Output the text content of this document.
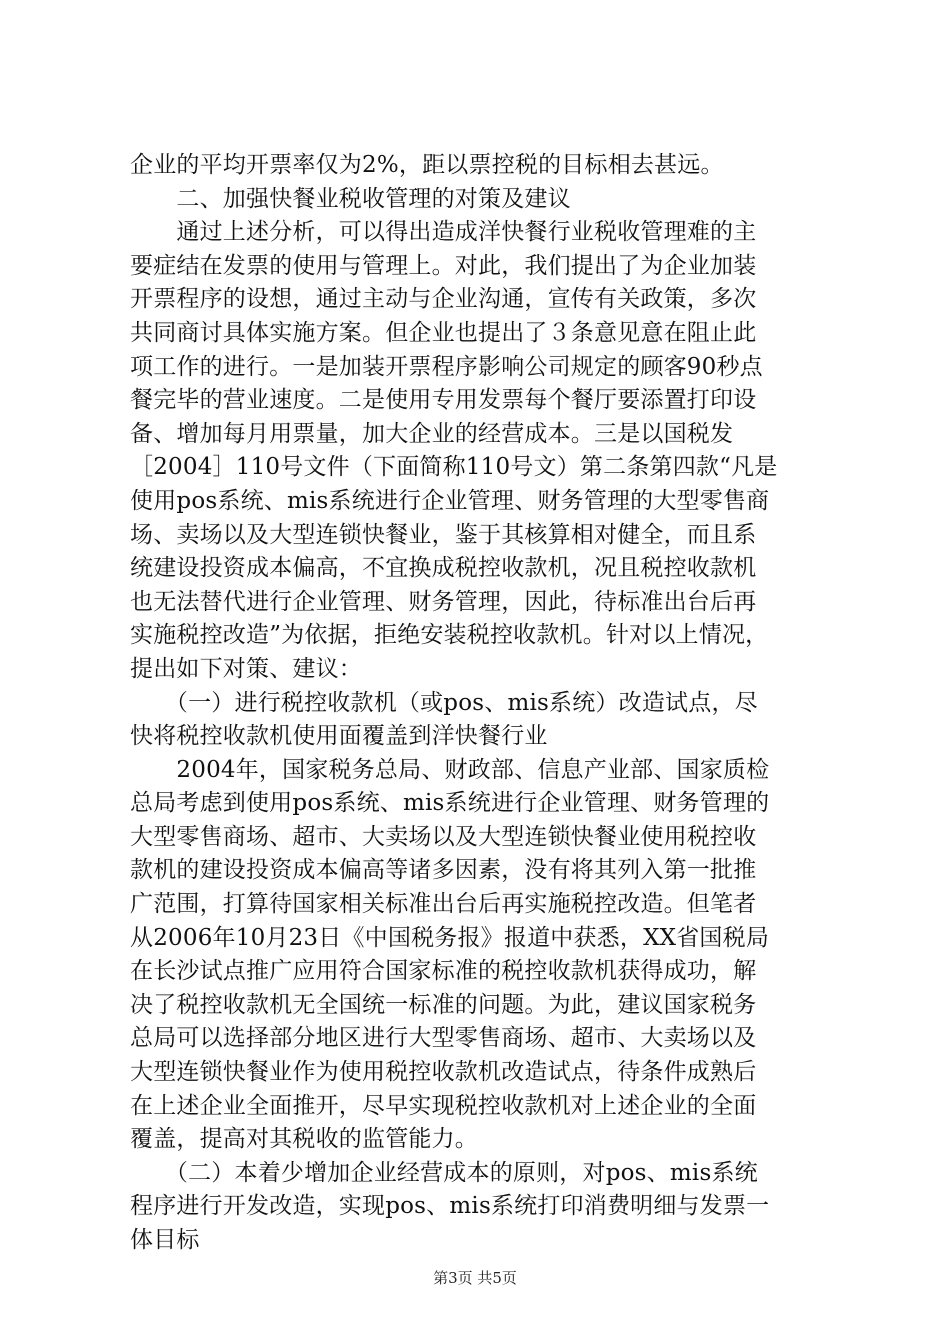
企业的平均开票率仅为2%，距以票控税的目标相去甚远。
　　二、加强快餐业税收管理的对策及建议
　　通过上述分析，可以得出造成洋快餐行业税收管理难的主
要症结在发票的使用与管理上。对此，我们提出了为企业加装
开票程序的设想，通过主动与企业沟通，宣传有关政策，多次
共同商讨具体实施方案。但企业也提出了３条意见意在阻止此
项工作的进行。一是加装开票程序影响公司规定的顾客90秒点
餐完毕的营业速度。二是使用专用发票每个餐厅要添置打印设
备、增加每月用票量，加大企业的经营成本。三是以国税发
［2004］110号文件（下面简称110号文）第二条第四款“凡是
使用pos系统、mis系统进行企业管理、财务管理的大型零售商
场、卖场以及大型连锁快餐业，鉴于其核算相对健全，而且系
统建设投资成本偏高，不宜换成税控收款机，况且税控收款机
也无法替代进行企业管理、财务管理，因此，待标准出台后再
实施税控改造”为依据，拒绝安装税控收款机。针对以上情况，
提出如下对策、建议：
　　（一）进行税控收款机（或pos、mis系统）改造试点，尽
快将税控收款机使用面覆盖到洋快餐行业
　　2004年，国家税务总局、财政部、信息产业部、国家质检
总局考虑到使用pos系统、mis系统进行企业管理、财务管理的
大型零售商场、超市、大卖场以及大型连锁快餐业使用税控收
款机的建设投资成本偏高等诸多因素，没有将其列入第一批推
广范围，打算待国家相关标准出台后再实施税控改造。但笔者
从2006年10月23日《中国税务报》报道中获悉，XX省国税局
在长沙试点推广应用符合国家标准的税控收款机获得成功，解
决了税控收款机无全国统一标准的问题。为此，建议国家税务
总局可以选择部分地区进行大型零售商场、超市、大卖场以及
大型连锁快餐业作为使用税控收款机改造试点，待条件成熟后
在上述企业全面推开，尽早实现税控收款机对上述企业的全面
覆盖，提高对其税收的监管能力。
　　（二）本着少增加企业经营成本的原则，对pos、mis系统
程序进行开发改造，实现pos、mis系统打印消费明细与发票一
体目标
第3页 共5页
